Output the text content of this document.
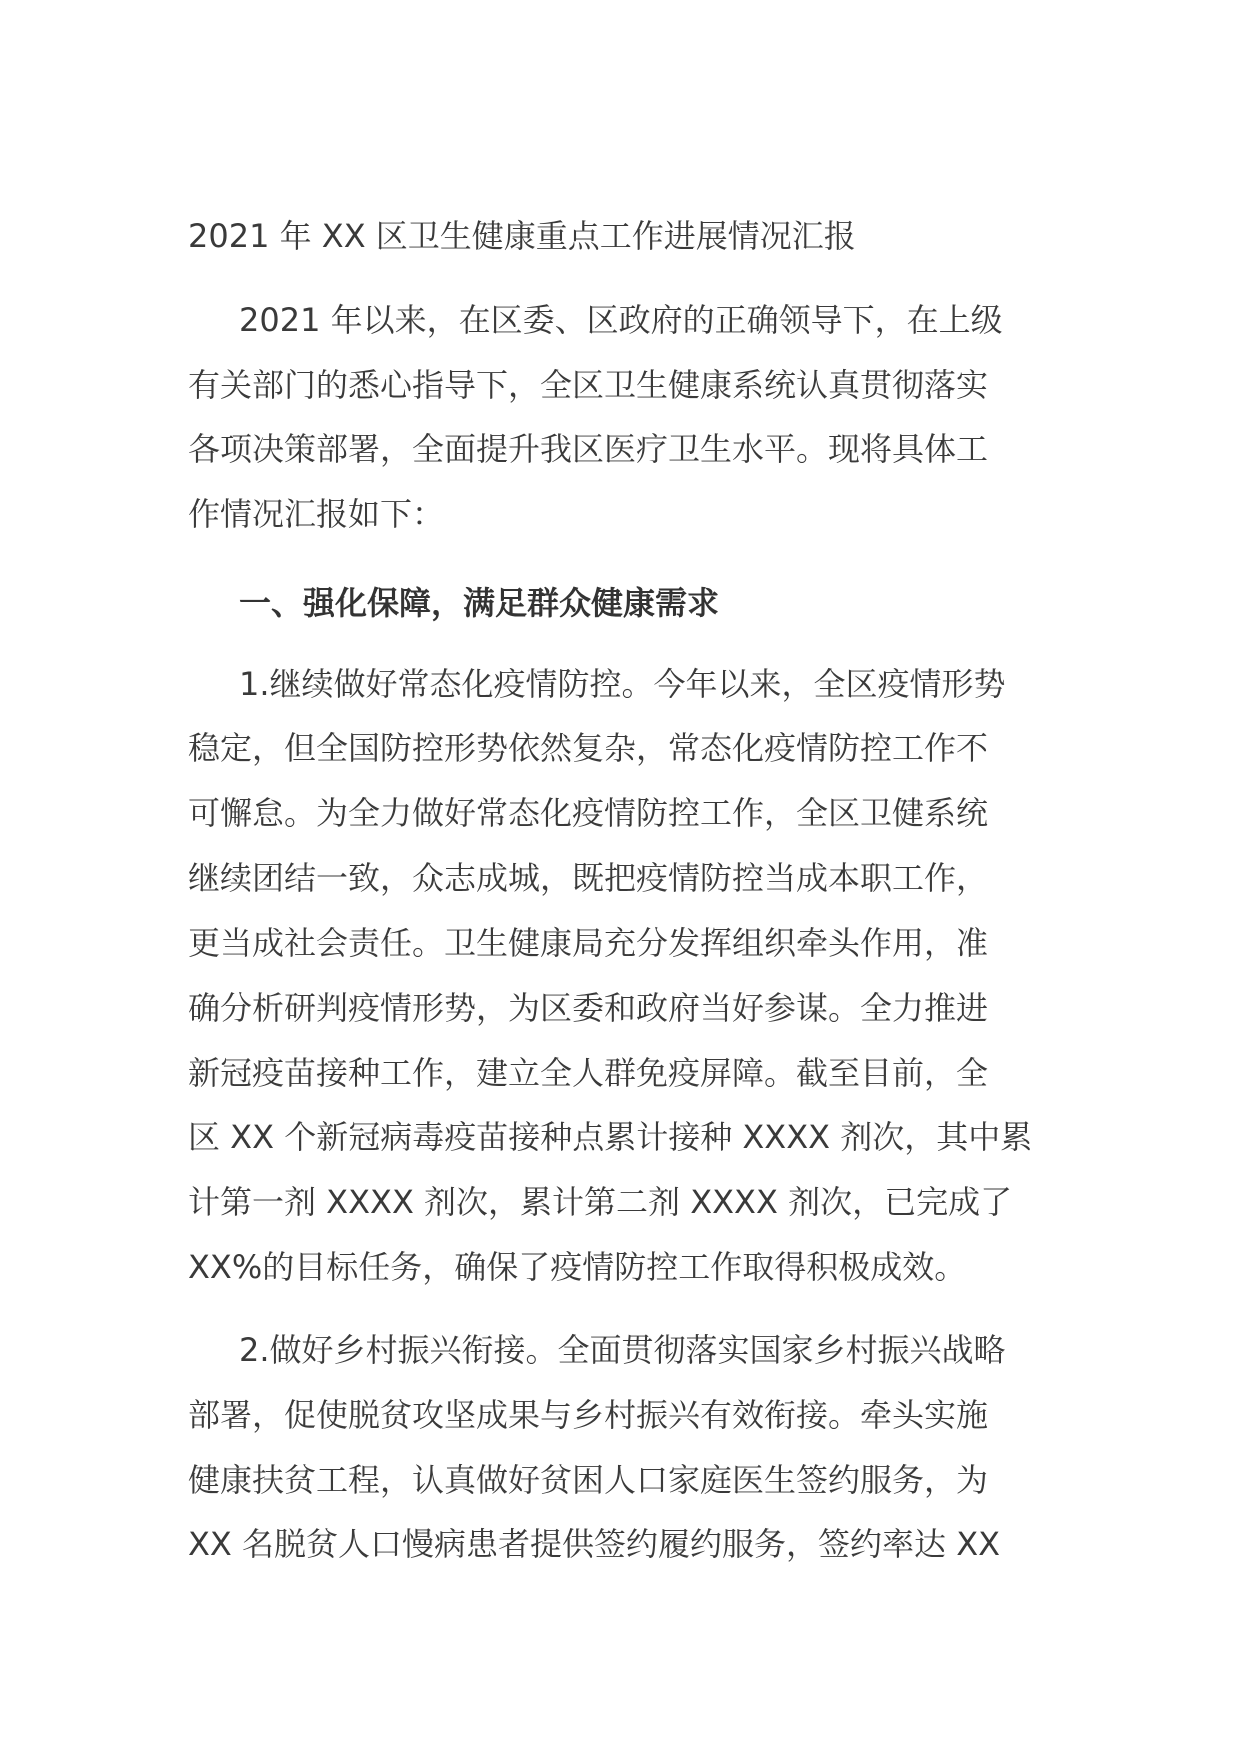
2021 年 XX 区卫生健康重点工作进展情况汇报

2021 年以来，在区委、区政府的正确领导下，在上级

有关部门的悉心指导下，全区卫生健康系统认真贯彻落实

各项决策部署，全面提升我区医疗卫生水平。现将具体工

作情况汇报如下：

一、强化保障，满足群众健康需求

1.继续做好常态化疫情防控。今年以来，全区疫情形势

稳定，但全国防控形势依然复杂，常态化疫情防控工作不

可懈怠。为全力做好常态化疫情防控工作，全区卫健系统

继续团结一致，众志成城，既把疫情防控当成本职工作，

更当成社会责任。卫生健康局充分发挥组织牵头作用，准

确分析研判疫情形势，为区委和政府当好参谋。全力推进

新冠疫苗接种工作，建立全人群免疫屏障。截至目前，全

区 XX 个新冠病毒疫苗接种点累计接种 XXXX 剂次，其中累

计第一剂 XXXX 剂次，累计第二剂 XXXX 剂次，已完成了

XX%的目标任务，确保了疫情防控工作取得积极成效。

2.做好乡村振兴衔接。全面贯彻落实国家乡村振兴战略

部署，促使脱贫攻坚成果与乡村振兴有效衔接。牵头实施

健康扶贫工程，认真做好贫困人口家庭医生签约服务，为

XX 名脱贫人口慢病患者提供签约履约服务，签约率达 XX
